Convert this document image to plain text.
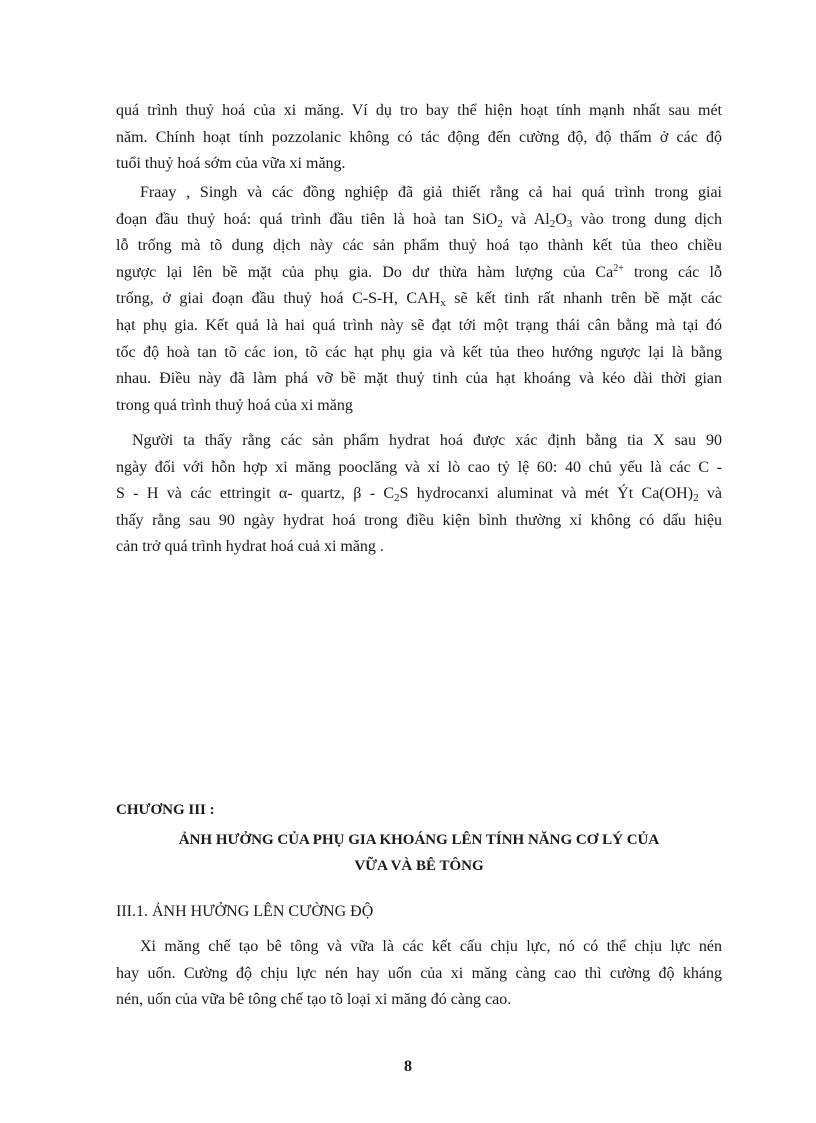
quá trình thuỷ hoá của xi măng. Ví dụ tro bay thể hiện hoạt tính mạnh nhất sau mét
năm. Chính hoạt tính pozzolanic không có tác động đến cường độ, độ thấm ở các độ
tuổi thuỷ hoá sớm của vữa xi măng.
Fraay , Singh và các đồng nghiệp đã giả thiết rằng cả hai quá trình trong giai
đoạn đầu thuỷ hoá: quá trình đầu tiên là hoà tan SiO$_2$ và $Al_2O_3$ vào trong dung dịch
lỗ trống mà tõ dung dịch này các sản phẩm thuỷ hoá tạo thành kết tủa theo chiều
ngược lại lên bề mặt của phụ gia. Do dư thừa hàm lượng của $Ca^{2+}$ trong các lỗ
trống, ở giai đoạn đầu thuỷ hoá C-S-H, $CAH_x$ sẽ kết tinh rất nhanh trên bề mặt các
hạt phụ gia. Kết quả là hai quá trình này sẽ đạt tới một trạng thái cân bằng mà tại đó
tốc độ hoà tan tõ các ion, tõ các hạt phụ gia và kết tủa theo hướng ngược lại là bằng
nhau. Điều này đã làm phá vỡ bề mặt thuỷ tinh của hạt khoáng và kéo dài thời gian
trong quá trình thuỷ hoá của xi măng
Người ta thấy rằng các sản phẩm hydrat hoá được xác định bằng tia X sau 90
ngày đối với hỗn hợp xi măng pooclăng và xỉ lò cao tỷ lệ 60: 40 chủ yếu là các C -
S - H và các ettringit α- quartz, β - $C_2S$ hydrocanxi aluminat và mét Ýt $Ca(OH)_2$ và
thấy rằng sau 90 ngày hydrat hoá trong điều kiện bình thường xỉ không có dấu hiệu
cản trở quá trình hydrat hoá cuả xi măng .

CHƯƠNG III :

ẢNH HƯỞNG CỦA PHỤ GIA KHOÁNG LÊN TÍNH NĂNG CƠ LÝ CỦA

VỮA VÀ BÊ TÔNG

III.1. ẢNH HƯỞNG LÊN CƯỜNG ĐỘ

Xi măng chế tạo bê tông và vữa là các kết cấu chịu lực, nó có thể chịu lực nén
hay uốn. Cường độ chịu lực nén hay uốn của xi măng càng cao thì cường độ kháng
nén, uốn của vữa bê tông chế tạo tõ loại xi măng đó càng cao.
8
